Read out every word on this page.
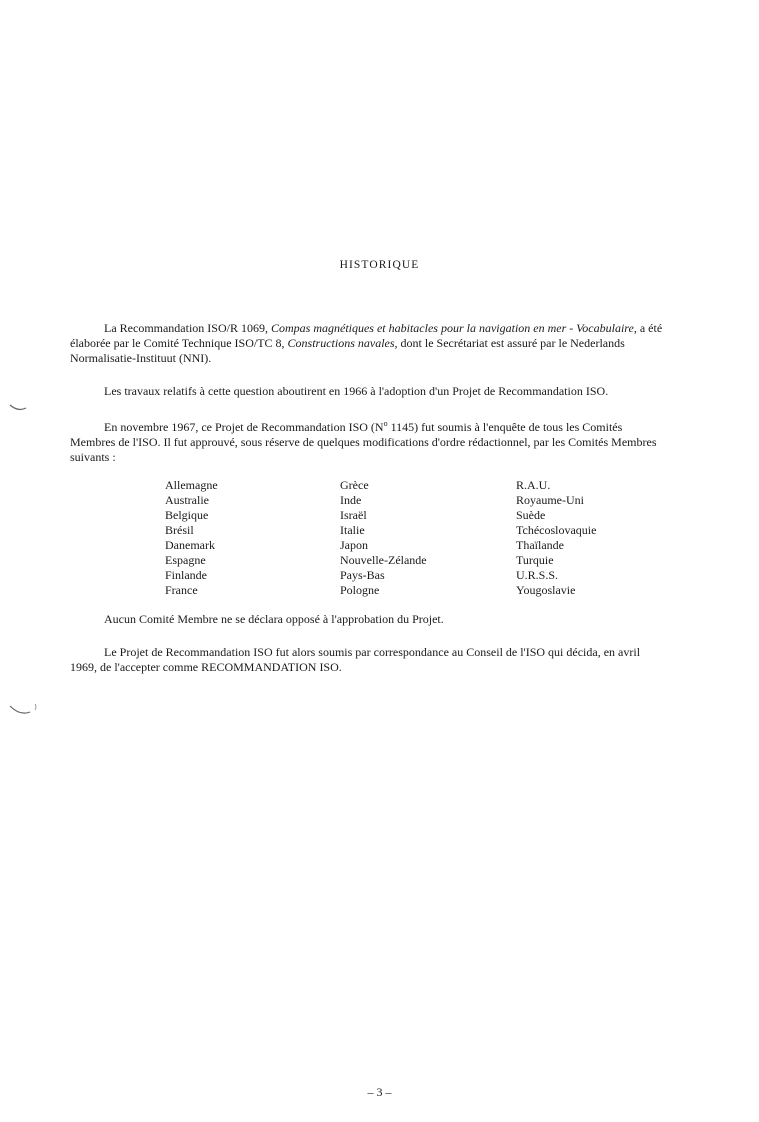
HISTORIQUE

La Recommandation ISO/R 1069, Compas magnétiques et habitacles pour la navigation en mer - Vocabulaire, a été élaborée par le Comité Technique ISO/TC 8, Constructions navales, dont le Secrétariat est assuré par le Nederlands Normalisatie-Instituut (NNI).

Les travaux relatifs à cette question aboutirent en 1966 à l'adoption d'un Projet de Recommandation ISO.

En novembre 1967, ce Projet de Recommandation ISO ($N^o$ 1145) fut soumis à l'enquête de tous les Comités Membres de l'ISO. Il fut approuvé, sous réserve de quelques modifications d'ordre rédactionnel, par les Comités Membres suivants :

Allemagne
Australie
Belgique
Brésil
Danemark
Espagne
Finlande
France
Grèce
Inde
Israël
Italie
Japon
Nouvelle-Zélande
Pays-Bas
Pologne
R.A.U.
Royaume-Uni
Suède
Tchécoslovaquie
Thaïlande
Turquie
U.R.S.S.
Yougoslavie

Aucun Comité Membre ne se déclara opposé à l'approbation du Projet.

Le Projet de Recommandation ISO fut alors soumis par correspondance au Conseil de l'ISO qui décida, en avril 1969, de l'accepter comme RECOMMANDATION ISO.

– 3 –
